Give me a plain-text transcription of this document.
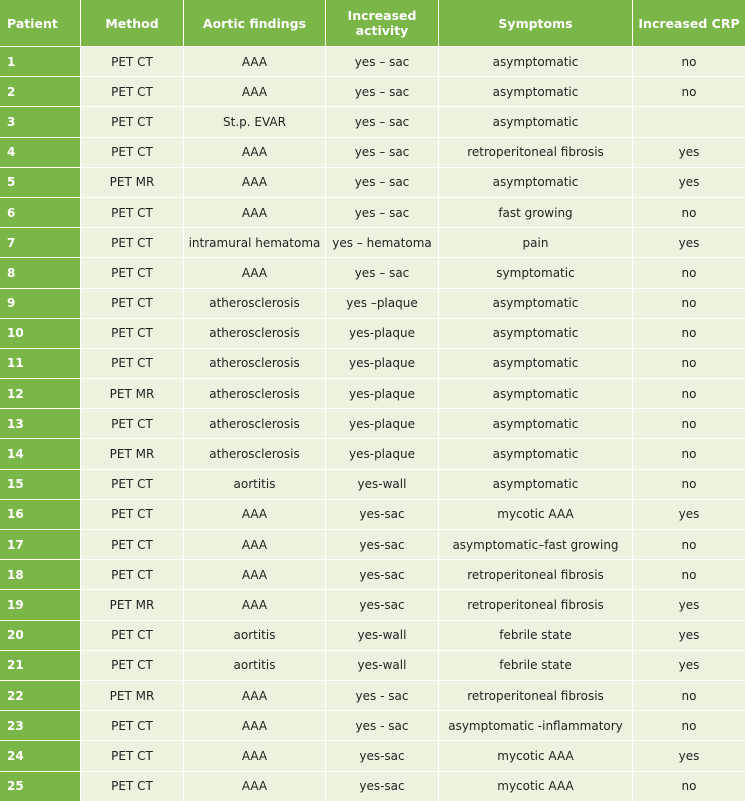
Patient	Method	Aortic findings	Increased activity	Symptoms	Increased CRP
1	PET CT	AAA	yes – sac	asymptomatic	no
2	PET CT	AAA	yes – sac	asymptomatic	no
3	PET CT	St.p. EVAR	yes – sac	asymptomatic	
4	PET CT	AAA	yes – sac	retroperitoneal fibrosis	yes
5	PET MR	AAA	yes – sac	asymptomatic	yes
6	PET CT	AAA	yes – sac	fast growing	no
7	PET CT	intramural hematoma	yes – hematoma	pain	yes
8	PET CT	AAA	yes – sac	symptomatic	no
9	PET CT	atherosclerosis	yes –plaque	asymptomatic	no
10	PET CT	atherosclerosis	yes-plaque	asymptomatic	no
11	PET CT	atherosclerosis	yes-plaque	asymptomatic	no
12	PET MR	atherosclerosis	yes-plaque	asymptomatic	no
13	PET CT	atherosclerosis	yes-plaque	asymptomatic	no
14	PET MR	atherosclerosis	yes-plaque	asymptomatic	no
15	PET CT	aortitis	yes-wall	asymptomatic	no
16	PET CT	AAA	yes-sac	mycotic AAA	yes
17	PET CT	AAA	yes-sac	asymptomatic–fast growing	no
18	PET CT	AAA	yes-sac	retroperitoneal fibrosis	no
19	PET MR	AAA	yes-sac	retroperitoneal fibrosis	yes
20	PET CT	aortitis	yes-wall	febrile state	yes
21	PET CT	aortitis	yes-wall	febrile state	yes
22	PET MR	AAA	yes - sac	retroperitoneal fibrosis	no
23	PET CT	AAA	yes - sac	asymptomatic -inflammatory	no
24	PET CT	AAA	yes-sac	mycotic AAA	yes
25	PET CT	AAA	yes-sac	mycotic AAA	no
